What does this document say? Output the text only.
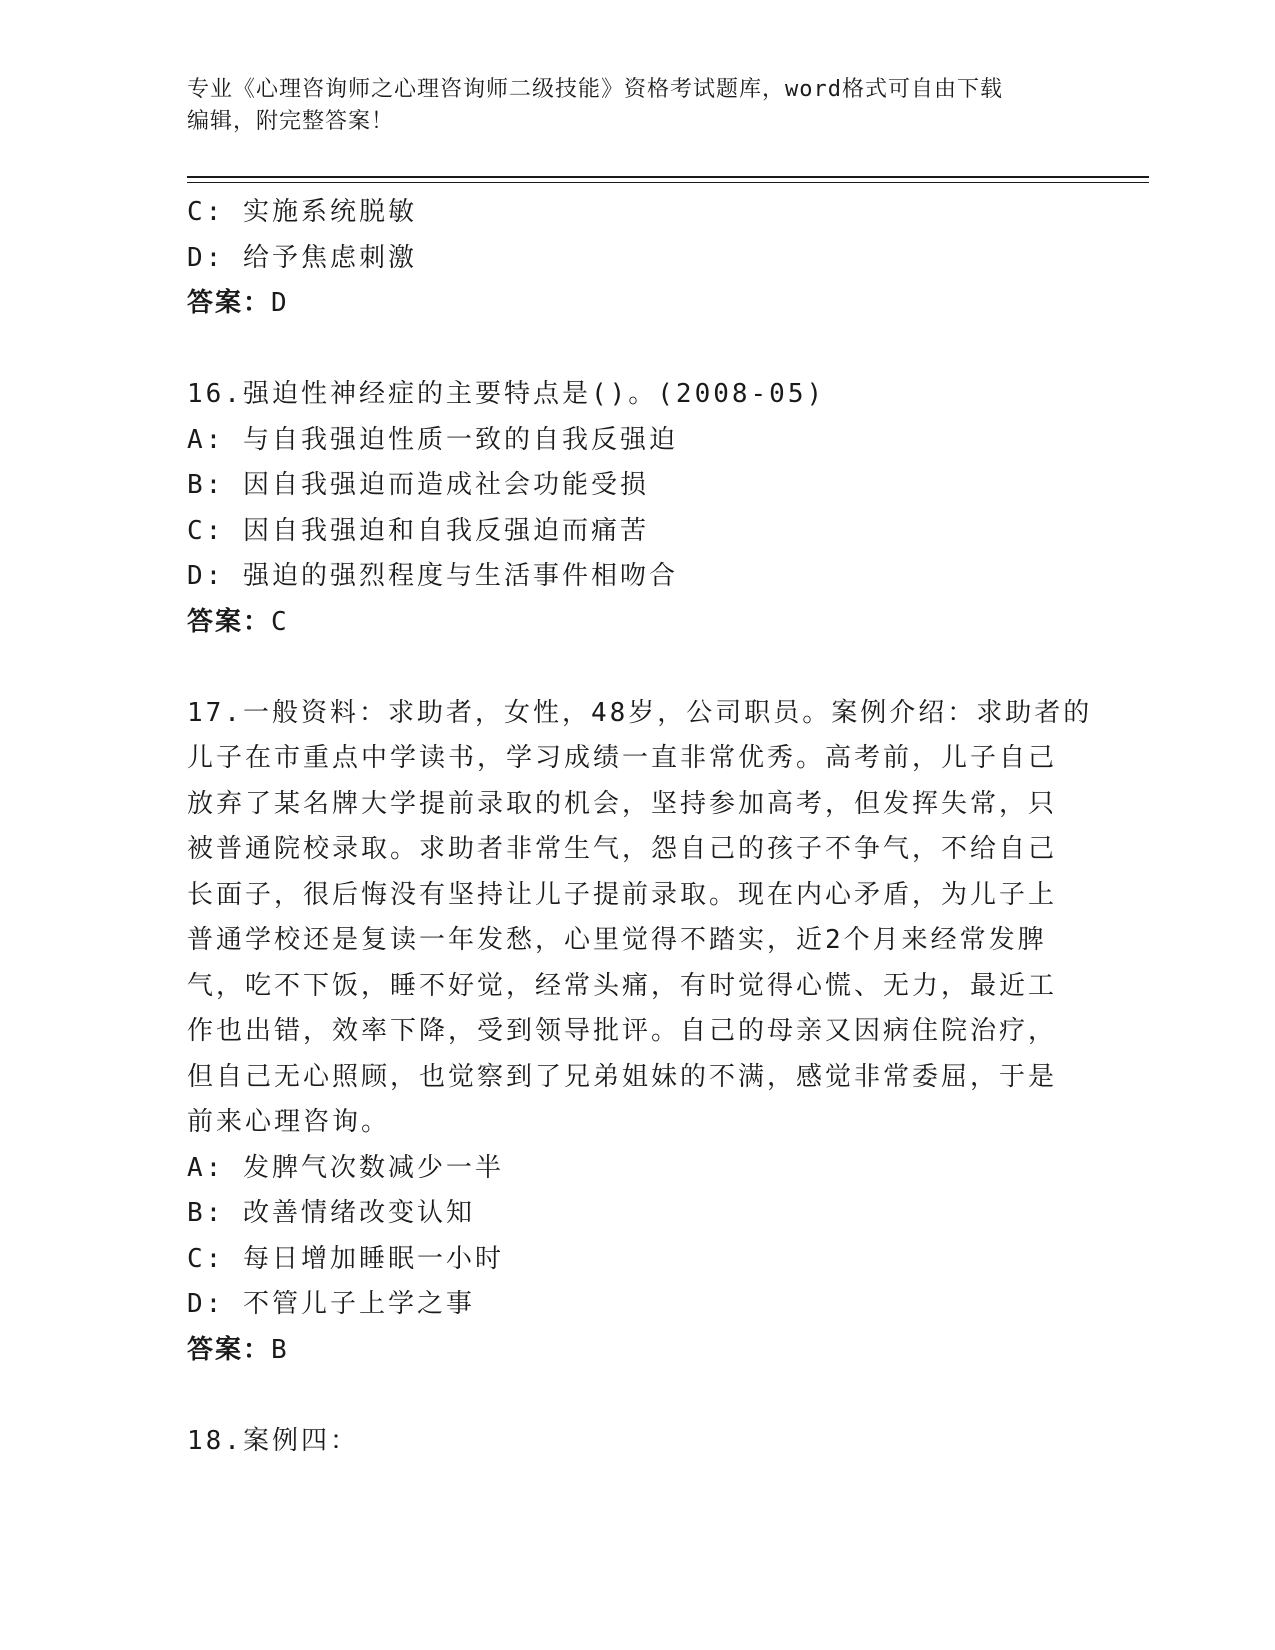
专业《心理咨询师之心理咨询师二级技能》资格考试题库，word格式可自由下载
编辑，附完整答案！
C: 实施系统脱敏
D: 给予焦虑刺激
答案：D
16.强迫性神经症的主要特点是()。(2008-05)
A: 与自我强迫性质一致的自我反强迫
B: 因自我强迫而造成社会功能受损
C: 因自我强迫和自我反强迫而痛苦
D: 强迫的强烈程度与生活事件相吻合
答案：C
17.一般资料：求助者，女性，48岁，公司职员。案例介绍：求助者的
儿子在市重点中学读书，学习成绩一直非常优秀。高考前，儿子自己
放弃了某名牌大学提前录取的机会，坚持参加高考，但发挥失常，只
被普通院校录取。求助者非常生气，怨自己的孩子不争气，不给自己
长面子，很后悔没有坚持让儿子提前录取。现在内心矛盾，为儿子上
普通学校还是复读一年发愁，心里觉得不踏实，近2个月来经常发脾
气，吃不下饭，睡不好觉，经常头痛，有时觉得心慌、无力，最近工
作也出错，效率下降，受到领导批评。自己的母亲又因病住院治疗，
但自己无心照顾，也觉察到了兄弟姐妹的不满，感觉非常委屈，于是
前来心理咨询。
A: 发脾气次数减少一半
B: 改善情绪改变认知
C: 每日增加睡眠一小时
D: 不管儿子上学之事
答案：B
18.案例四：
